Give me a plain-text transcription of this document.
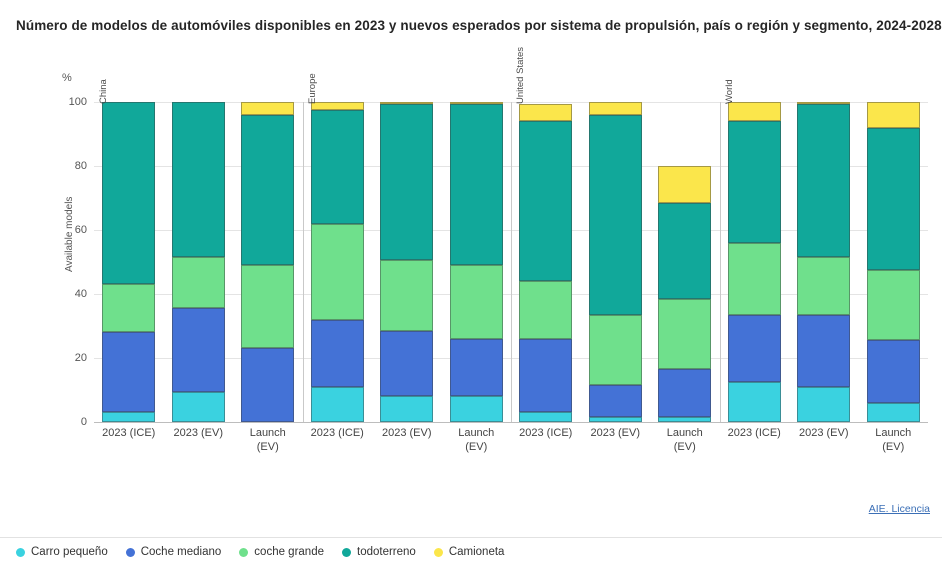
Número de modelos de automóviles disponibles en 2023 y nuevos esperados por sistema de propulsión, país o región y segmento, 2024-2028
%
Available models
0
20
40
60
80
100
2023 (ICE)	2023 (EV)	Launch
(EV)
2023 (ICE)	2023 (EV)	Launch
(EV)
2023 (ICE)	2023 (EV)	Launch
(EV)
2023 (ICE)	2023 (EV)	Launch
(EV)
China	Europe	United States	World
AIE. Licencia
Carro pequeño	Coche mediano	coche grande	todoterreno	Camioneta
